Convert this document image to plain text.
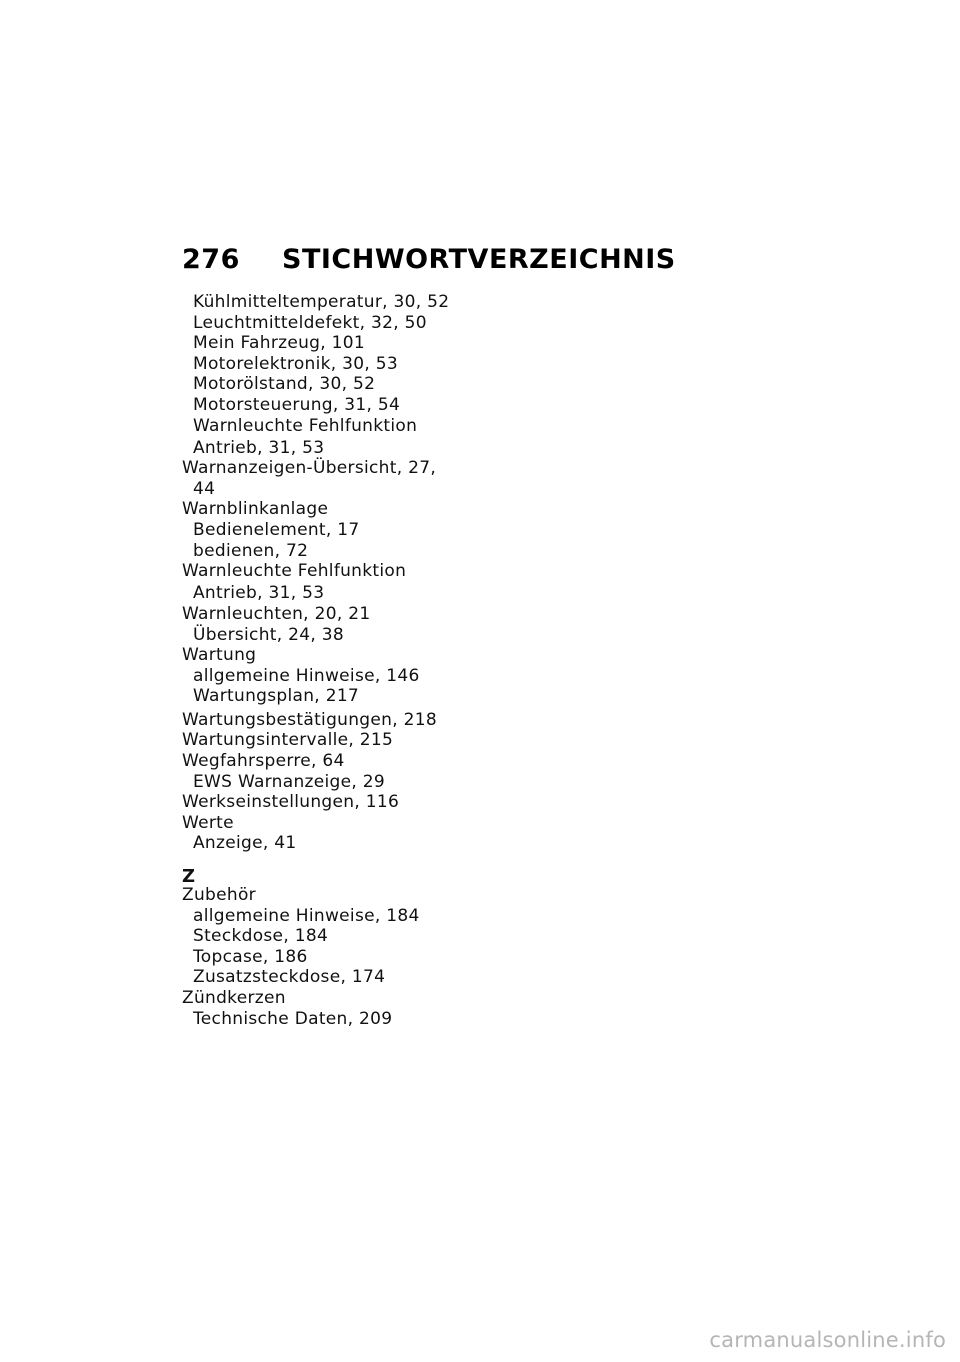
276	STICHWORTVERZEICHNIS
Kühlmitteltemperatur, 30, 52
Leuchtmitteldefekt, 32, 50
Mein Fahrzeug, 101
Motorelektronik, 30, 53
Motorölstand, 30, 52
Motorsteuerung, 31, 54
Warnleuchte Fehlfunktion
Antrieb, 31, 53
Warnanzeigen-Übersicht, 27,
44
Warnblinkanlage
Bedienelement, 17
bedienen, 72
Warnleuchte Fehlfunktion
Antrieb, 31, 53
Warnleuchten, 20, 21
Übersicht, 24, 38
Wartung
allgemeine Hinweise, 146
Wartungsplan, 217
Wartungsbestätigungen, 218
Wartungsintervalle, 215
Wegfahrsperre, 64
EWS Warnanzeige, 29
Werkseinstellungen, 116
Werte
Anzeige, 41
Z
Zubehör
allgemeine Hinweise, 184
Steckdose, 184
Topcase, 186
Zusatzsteckdose, 174
Zündkerzen
Technische Daten, 209
carmanualsonline.info
